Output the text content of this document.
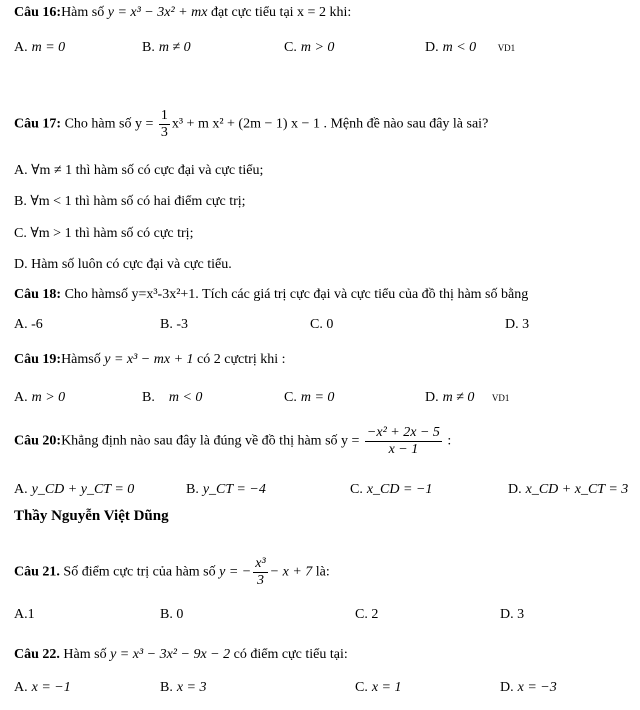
Câu 16:Hàm số y = x³ − 3x² + mx đạt cực tiểu tại x = 2 khi:
A. m = 0	B. m ≠ 0	C. m > 0	D. m < 0 VD1
Câu 17: Cho hàm số $y = \frac{1}{3} x^3 + m$ x² + (2m − 1) x − 1 . Mệnh đề nào sau đây là sai?
A. ∀m ≠ 1 thì hàm số có cực đại và cực tiểu;
B. ∀m < 1 thì hàm số có hai điểm cực trị;
C. ∀m > 1 thì hàm số có cực trị;
D. Hàm số luôn có cực đại và cực tiểu.
Câu 18: Cho hàmsố y=x³-3x²+1. Tích các giá trị cực đại và cực tiểu của đồ thị hàm số bằng
A. -6	B. -3	C. 0	D. 3
Câu 19:Hàmsố y = x³ − mx + 1 có 2 cựctrị khi :
A. m > 0	B. m < 0	C. m = 0	D. m ≠ 0 VD1
Câu 20:Khẳng định nào sau đây là đúng về đồ thị hàm số $y = \frac{\text{−x² + 2x − 5}}{x - 1}$ :
A. y_CD + y_CT = 0	B. y_CT = −4	C. x_CD = −1	D. x_CD + x_CT = 3
Thầy Nguyễn Việt Dũng
Câu 21. Số điểm cực trị của hàm số y = − $\frac{\text{x³}}{3} - x + 7$ là:
A.1	B. 0	C. 2	D. 3
Câu 22. Hàm số y = x³ − 3x² − 9x − 2 có điểm cực tiểu tại:
A. x = −1	B. x = 3	C. x = 1	D. x = −3
